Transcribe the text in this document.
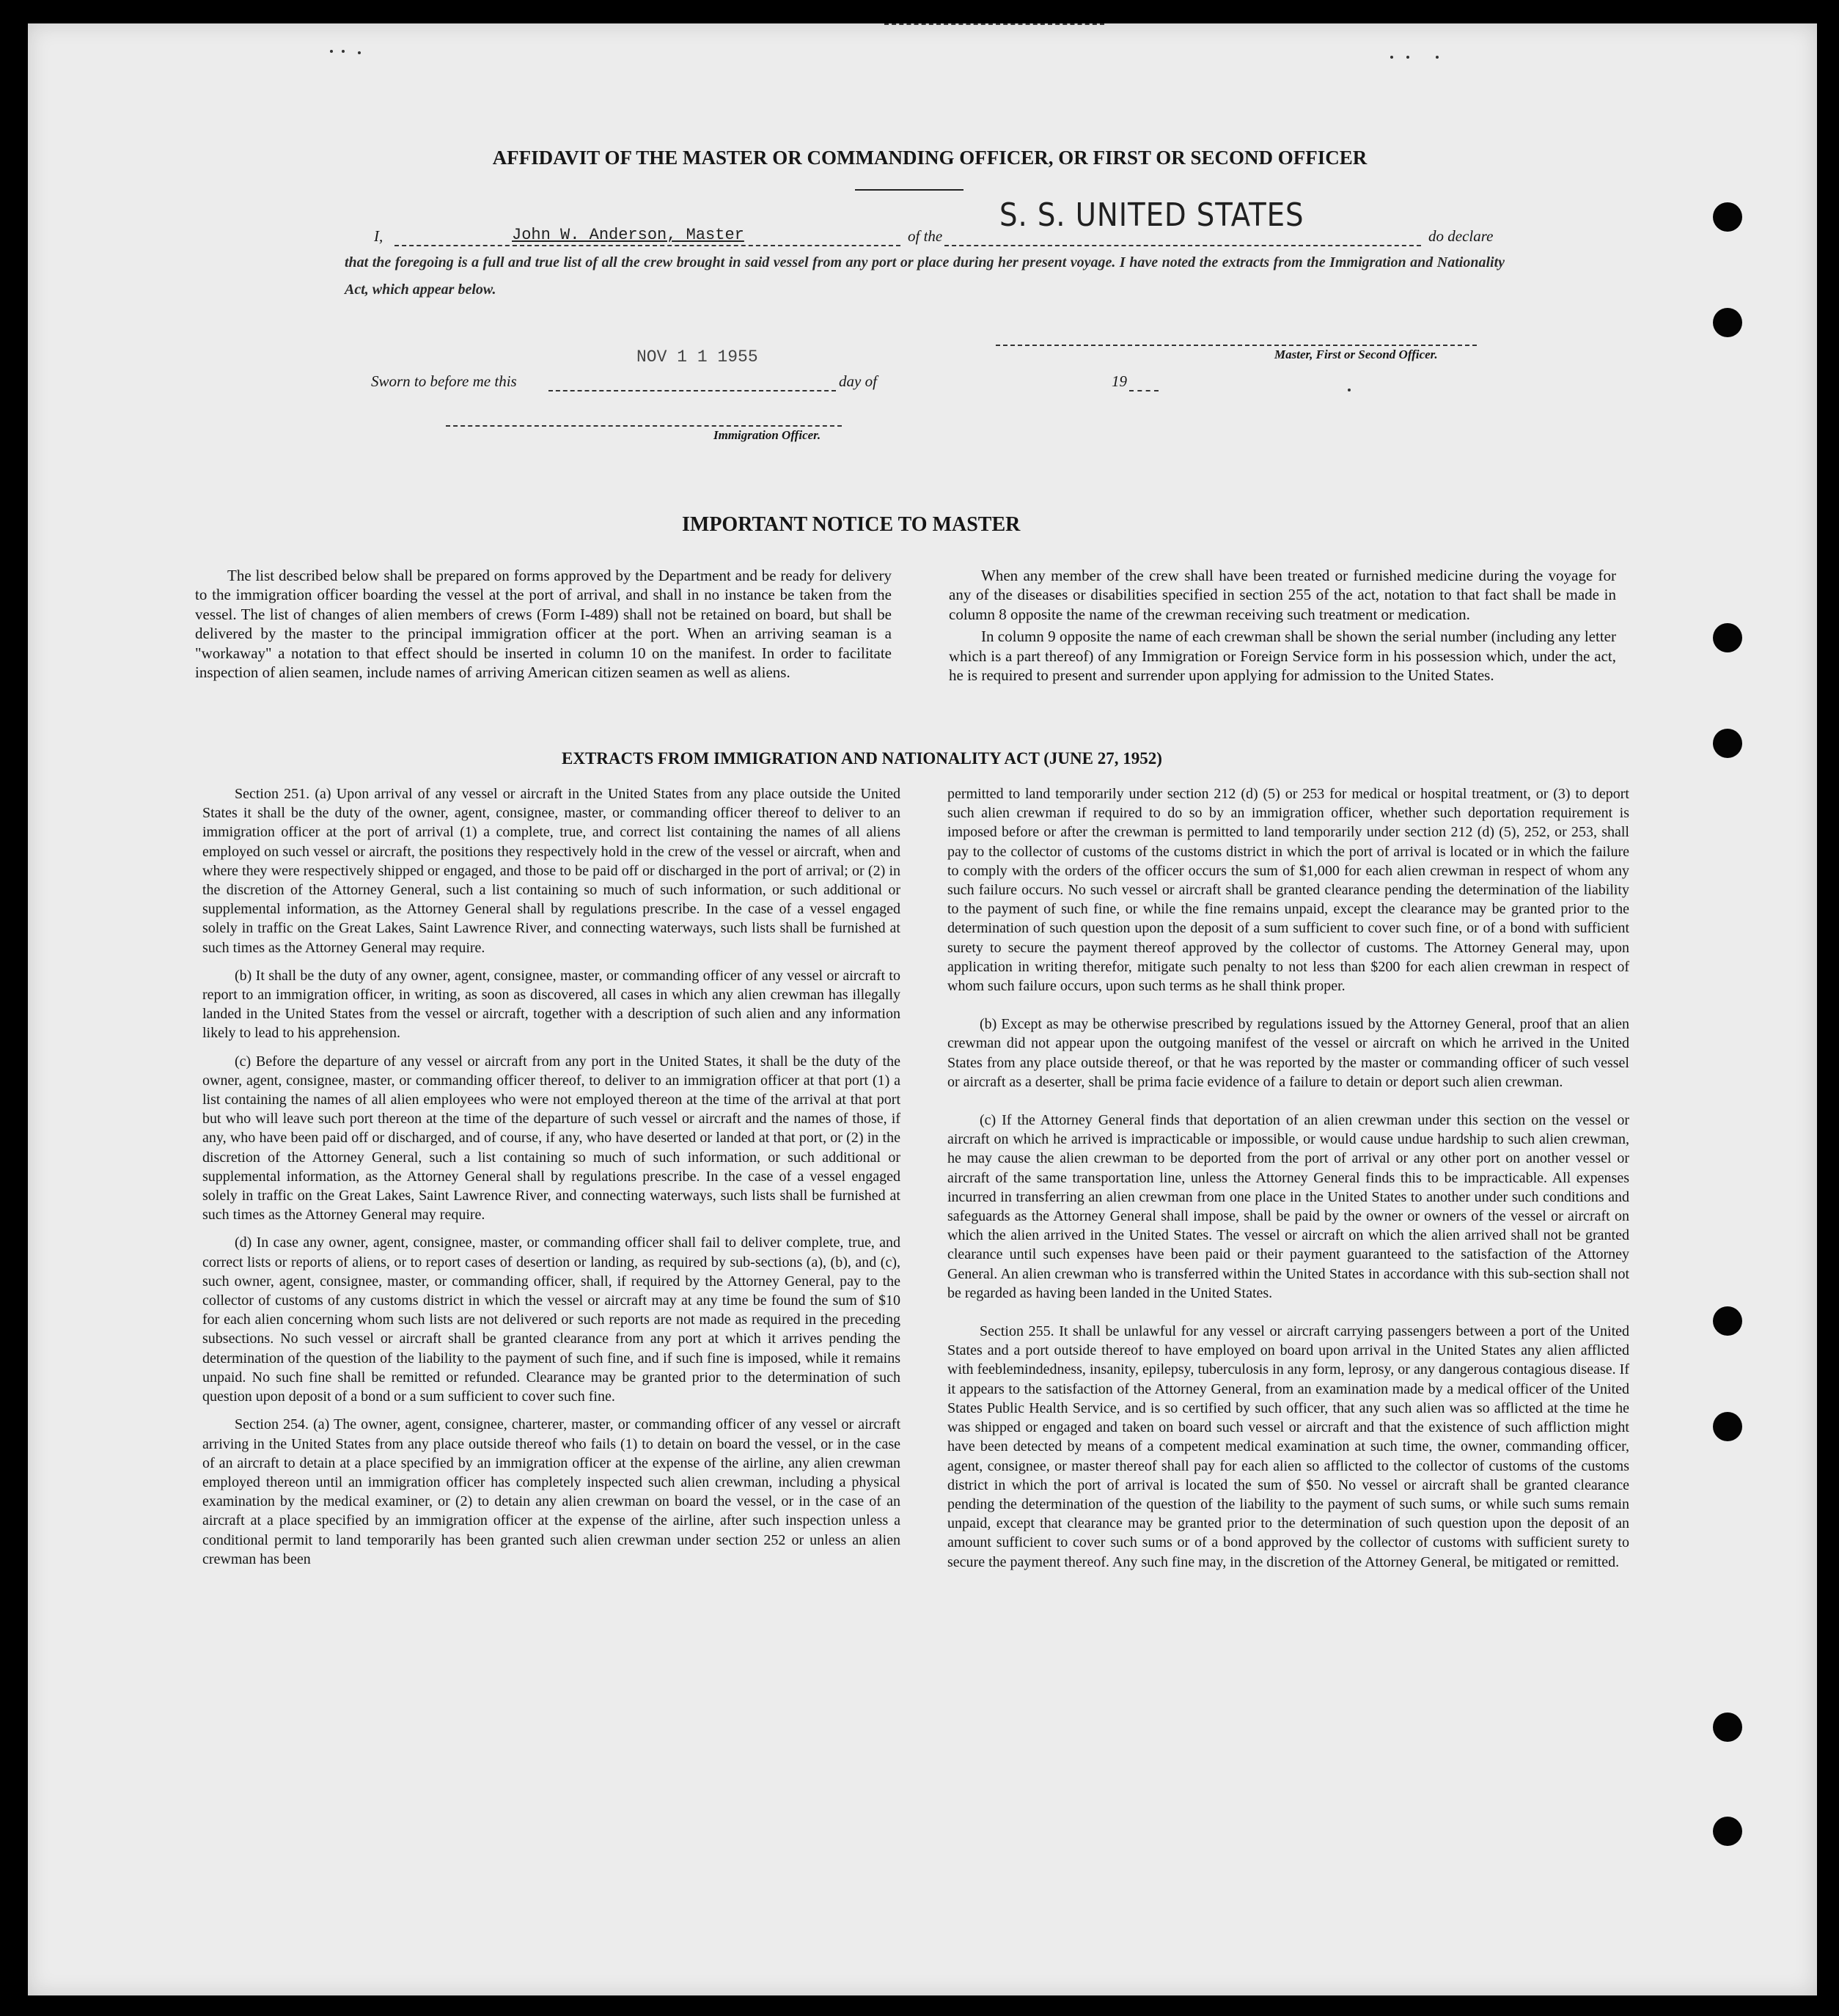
AFFIDAVIT OF THE MASTER OR COMMANDING OFFICER, OR FIRST OR SECOND OFFICER
I,	John W. Anderson, Master	of the
S. S. UNITED STATES
do declare
that the foregoing is a full and true list of all the crew brought in said vessel from any port or place during her present voyage. I have noted the extracts from the Immigration and Nationality Act, which appear below.
Master, First or Second Officer.
Sworn to before me this
NOV 1 1 1955
day of	19
Immigration Officer.
IMPORTANT NOTICE TO MASTER

The list described below shall be prepared on forms approved by the Department and be ready for delivery to the immigration officer boarding the vessel at the port of arrival, and shall in no instance be taken from the vessel. The list of changes of alien members of crews (Form I-489) shall not be retained on board, but shall be delivered by the master to the principal immigration officer at the port. When an arriving seaman is a "workaway" a notation to that effect should be inserted in column 10 on the manifest. In order to facilitate inspection of alien seamen, include names of arriving American citizen seamen as well as aliens.

When any member of the crew shall have been treated or furnished medicine during the voyage for any of the diseases or disabilities specified in section 255 of the act, notation to that fact shall be made in column 8 opposite the name of the crewman receiving such treatment or medication.

In column 9 opposite the name of each crewman shall be shown the serial number (including any letter which is a part thereof) of any Immigration or Foreign Service form in his possession which, under the act, he is required to present and surrender upon applying for admission to the United States.

EXTRACTS FROM IMMIGRATION AND NATIONALITY ACT (JUNE 27, 1952)

Section 251. (a) Upon arrival of any vessel or aircraft in the United States from any place outside the United States it shall be the duty of the owner, agent, consignee, master, or commanding officer thereof to deliver to an immigration officer at the port of arrival (1) a complete, true, and correct list containing the names of all aliens employed on such vessel or aircraft, the positions they respectively hold in the crew of the vessel or aircraft, when and where they were respectively shipped or engaged, and those to be paid off or discharged in the port of arrival; or (2) in the discretion of the Attorney General, such a list containing so much of such information, or such additional or supplemental information, as the Attorney General shall by regulations prescribe. In the case of a vessel engaged solely in traffic on the Great Lakes, Saint Lawrence River, and connecting waterways, such lists shall be furnished at such times as the Attorney General may require.

(b) It shall be the duty of any owner, agent, consignee, master, or commanding officer of any vessel or aircraft to report to an immigration officer, in writing, as soon as discovered, all cases in which any alien crewman has illegally landed in the United States from the vessel or aircraft, together with a description of such alien and any information likely to lead to his apprehension.

(c) Before the departure of any vessel or aircraft from any port in the United States, it shall be the duty of the owner, agent, consignee, master, or commanding officer thereof, to deliver to an immigration officer at that port (1) a list containing the names of all alien employees who were not employed thereon at the time of the arrival at that port but who will leave such port thereon at the time of the departure of such vessel or aircraft and the names of those, if any, who have been paid off or discharged, and of course, if any, who have deserted or landed at that port, or (2) in the discretion of the Attorney General, such a list containing so much of such information, or such additional or supplemental information, as the Attorney General shall by regulations prescribe. In the case of a vessel engaged solely in traffic on the Great Lakes, Saint Lawrence River, and connecting waterways, such lists shall be furnished at such times as the Attorney General may require.

(d) In case any owner, agent, consignee, master, or commanding officer shall fail to deliver complete, true, and correct lists or reports of aliens, or to report cases of desertion or landing, as required by sub-sections (a), (b), and (c), such owner, agent, consignee, master, or commanding officer, shall, if required by the Attorney General, pay to the collector of customs of any customs district in which the vessel or aircraft may at any time be found the sum of $10 for each alien concerning whom such lists are not delivered or such reports are not made as required in the preceding subsections. No such vessel or aircraft shall be granted clearance from any port at which it arrives pending the determination of the question of the liability to the payment of such fine, and if such fine is imposed, while it remains unpaid. No such fine shall be remitted or refunded. Clearance may be granted prior to the determination of such question upon deposit of a bond or a sum sufficient to cover such fine.

Section 254. (a) The owner, agent, consignee, charterer, master, or commanding officer of any vessel or aircraft arriving in the United States from any place outside thereof who fails (1) to detain on board the vessel, or in the case of an aircraft to detain at a place specified by an immigration officer at the expense of the airline, any alien crewman employed thereon until an immigration officer has completely inspected such alien crewman, including a physical examination by the medical examiner, or (2) to detain any alien crewman on board the vessel, or in the case of an aircraft at a place specified by an immigration officer at the expense of the airline, after such inspection unless a conditional permit to land temporarily has been granted such alien crewman under section 252 or unless an alien crewman has been

permitted to land temporarily under section 212 (d) (5) or 253 for medical or hospital treatment, or (3) to deport such alien crewman if required to do so by an immigration officer, whether such deportation requirement is imposed before or after the crewman is permitted to land temporarily under section 212 (d) (5), 252, or 253, shall pay to the collector of customs of the customs district in which the port of arrival is located or in which the failure to comply with the orders of the officer occurs the sum of $1,000 for each alien crewman in respect of whom any such failure occurs. No such vessel or aircraft shall be granted clearance pending the determination of the liability to the payment of such fine, or while the fine remains unpaid, except the clearance may be granted prior to the determination of such question upon the deposit of a sum sufficient to cover such fine, or of a bond with sufficient surety to secure the payment thereof approved by the collector of customs. The Attorney General may, upon application in writing therefor, mitigate such penalty to not less than $200 for each alien crewman in respect of whom such failure occurs, upon such terms as he shall think proper.

(b) Except as may be otherwise prescribed by regulations issued by the Attorney General, proof that an alien crewman did not appear upon the outgoing manifest of the vessel or aircraft on which he arrived in the United States from any place outside thereof, or that he was reported by the master or commanding officer of such vessel or aircraft as a deserter, shall be prima facie evidence of a failure to detain or deport such alien crewman.

(c) If the Attorney General finds that deportation of an alien crewman under this section on the vessel or aircraft on which he arrived is impracticable or impossible, or would cause undue hardship to such alien crewman, he may cause the alien crewman to be deported from the port of arrival or any other port on another vessel or aircraft of the same transportation line, unless the Attorney General finds this to be impracticable. All expenses incurred in transferring an alien crewman from one place in the United States to another under such conditions and safeguards as the Attorney General shall impose, shall be paid by the owner or owners of the vessel or aircraft on which the alien arrived in the United States. The vessel or aircraft on which the alien arrived shall not be granted clearance until such expenses have been paid or their payment guaranteed to the satisfaction of the Attorney General. An alien crewman who is transferred within the United States in accordance with this sub-section shall not be regarded as having been landed in the United States.

Section 255. It shall be unlawful for any vessel or aircraft carrying passengers between a port of the United States and a port outside thereof to have employed on board upon arrival in the United States any alien afflicted with feeblemindedness, insanity, epilepsy, tuberculosis in any form, leprosy, or any dangerous contagious disease. If it appears to the satisfaction of the Attorney General, from an examination made by a medical officer of the United States Public Health Service, and is so certified by such officer, that any such alien was so afflicted at the time he was shipped or engaged and taken on board such vessel or aircraft and that the existence of such affliction might have been detected by means of a competent medical examination at such time, the owner, commanding officer, agent, consignee, or master thereof shall pay for each alien so afflicted to the collector of customs of the customs district in which the port of arrival is located the sum of $50. No vessel or aircraft shall be granted clearance pending the determination of the question of the liability to the payment of such sums, or while such sums remain unpaid, except that clearance may be granted prior to the determination of such question upon the deposit of an amount sufficient to cover such sums or of a bond approved by the collector of customs with sufficient surety to secure the payment thereof. Any such fine may, in the discretion of the Attorney General, be mitigated or remitted.
